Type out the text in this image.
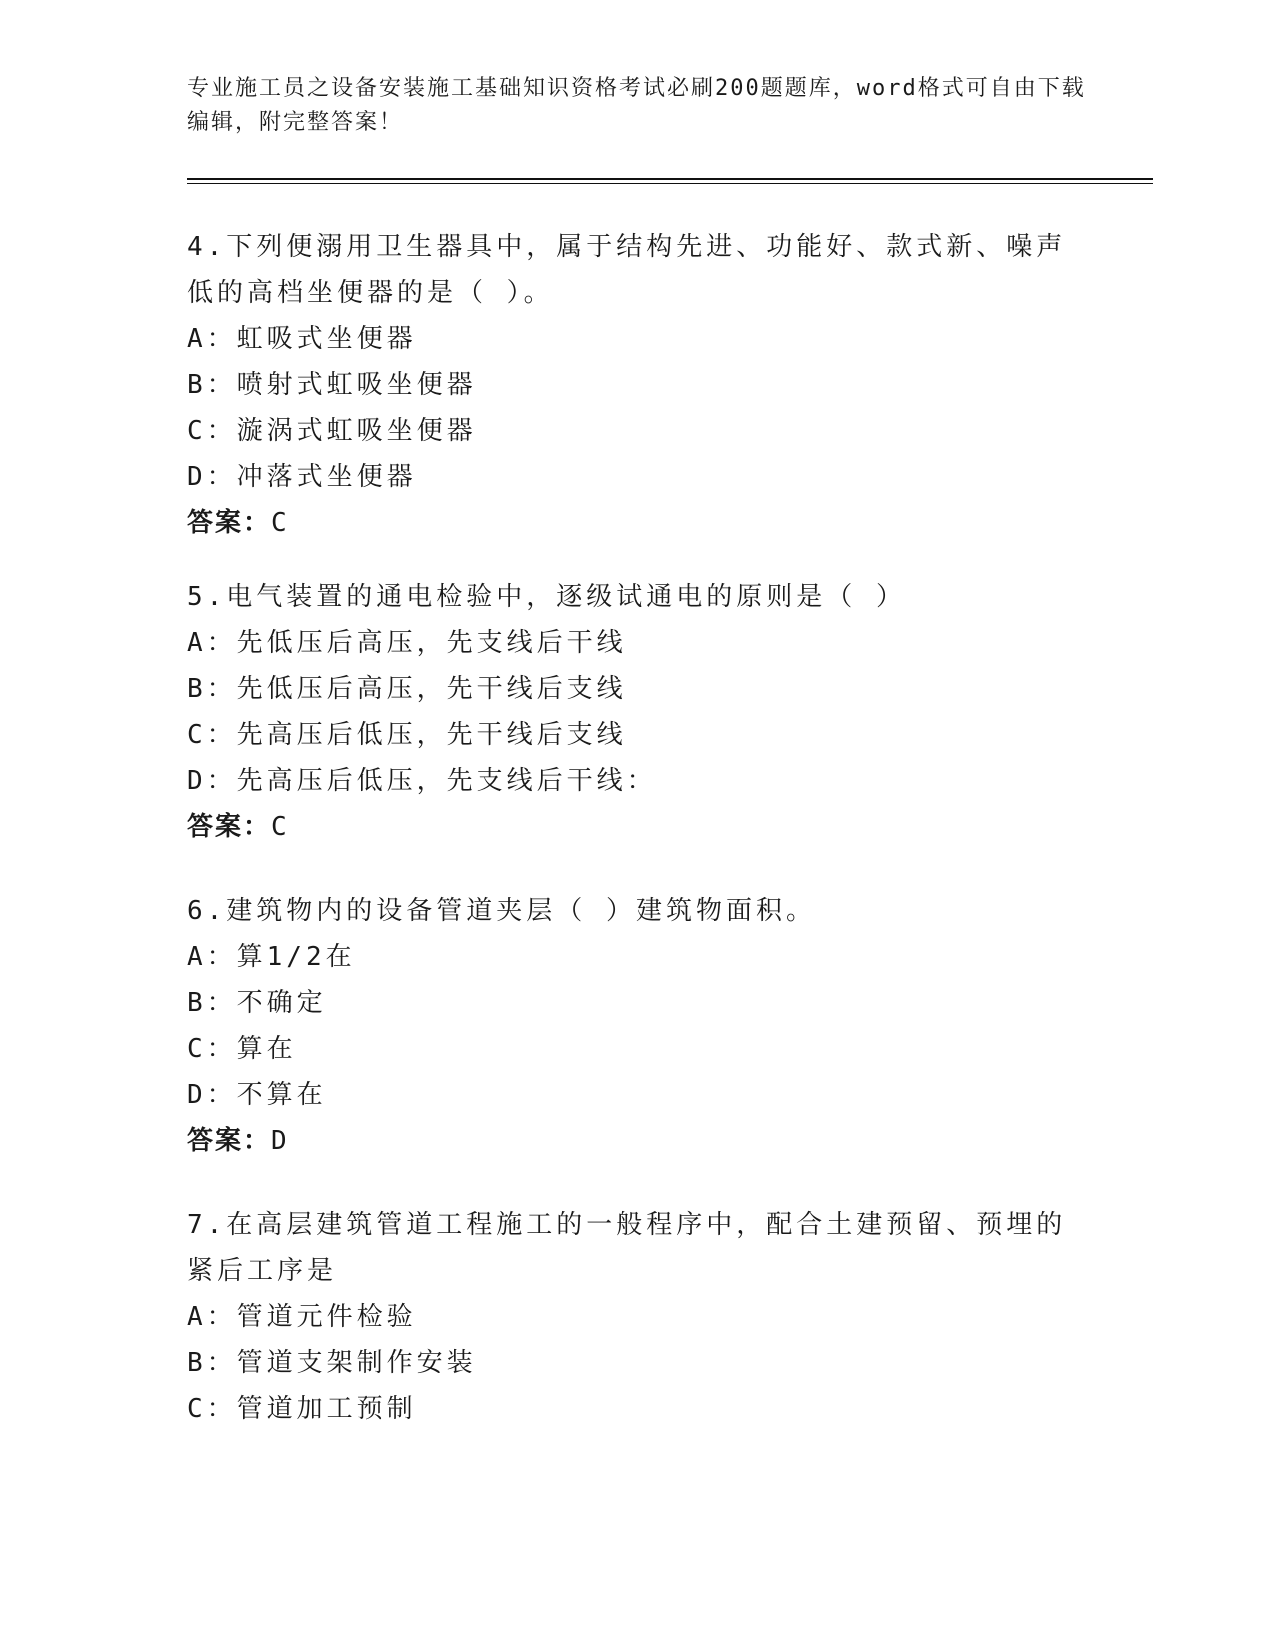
专业施工员之设备安装施工基础知识资格考试必刷200题题库，word格式可自由下载编辑，附完整答案！
4.下列便溺用卫生器具中，属于结构先进、功能好、款式新、噪声低的高档坐便器的是（ ）。
A：虹吸式坐便器
B：喷射式虹吸坐便器
C：漩涡式虹吸坐便器
D：冲落式坐便器
答案：C
5.电气装置的通电检验中，逐级试通电的原则是（ ）
A：先低压后高压，先支线后干线
B：先低压后高压，先干线后支线
C：先高压后低压，先干线后支线
D：先高压后低压，先支线后干线：
答案：C
6.建筑物内的设备管道夹层（ ）建筑物面积。
A：算1/2在
B：不确定
C：算在
D：不算在
答案：D
7.在高层建筑管道工程施工的一般程序中，配合土建预留、预埋的紧后工序是
A：管道元件检验
B：管道支架制作安装
C：管道加工预制
